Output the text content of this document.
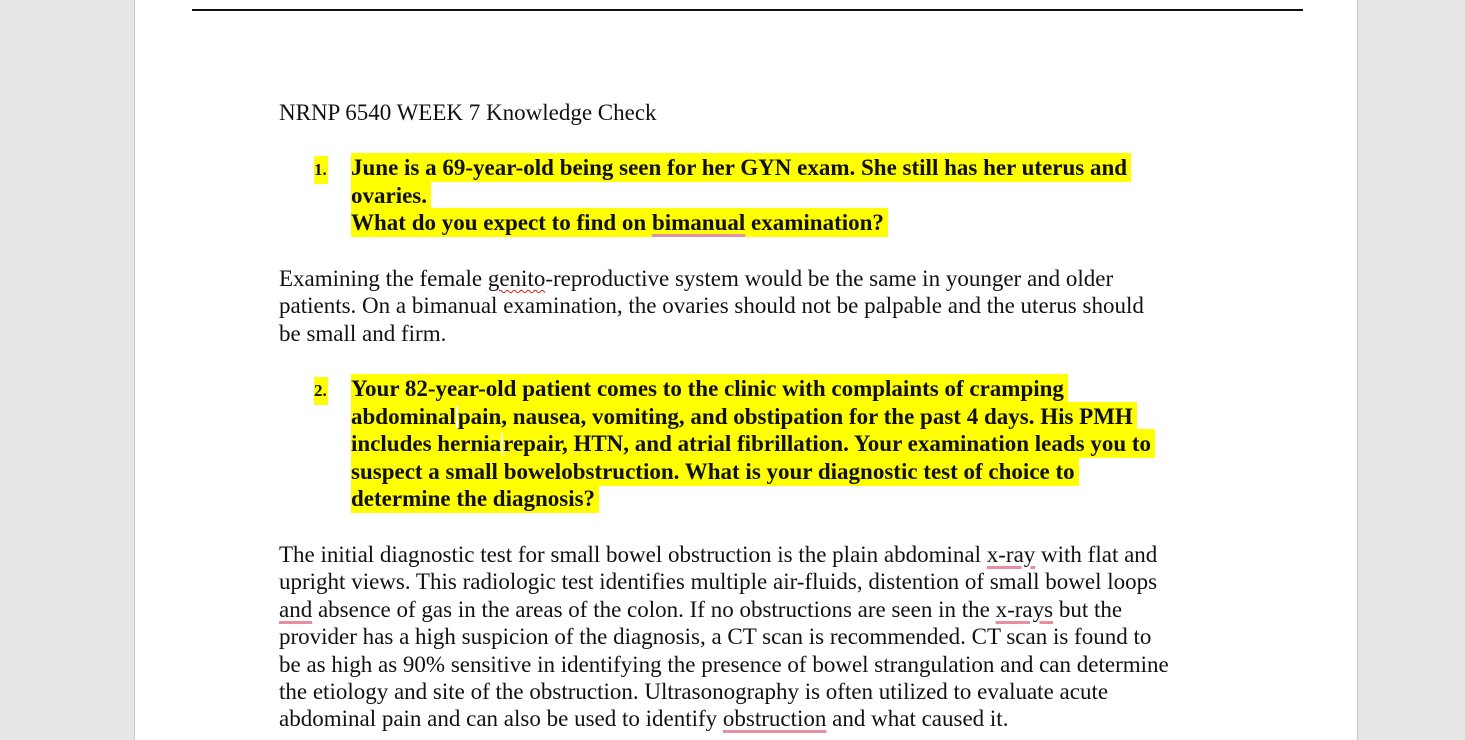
NRNP 6540 WEEK 7 Knowledge Check
1. June is a 69-year-old being seen for her GYN exam. She still has her uterus and
ovaries.
What do you expect to find on bimanual examination?
Examining the female genito-reproductive system would be the same in younger and older
patients. On a bimanual examination, the ovaries should not be palpable and the uterus should
be small and firm.
2. Your 82-year-old patient comes to the clinic with complaints of cramping
abdominalpain, nausea, vomiting, and obstipation for the past 4 days. His PMH
includes herniarepair, HTN, and atrial fibrillation. Your examination leads you to
suspect a small bowelobstruction. What is your diagnostic test of choice to
determine the diagnosis?
The initial diagnostic test for small bowel obstruction is the plain abdominal x-ray with flat and
upright views. This radiologic test identifies multiple air-fluids, distention of small bowel loops
and absence of gas in the areas of the colon. If no obstructions are seen in the x-rays but the
provider has a high suspicion of the diagnosis, a CT scan is recommended. CT scan is found to
be as high as 90% sensitive in identifying the presence of bowel strangulation and can determine
the etiology and site of the obstruction. Ultrasonography is often utilized to evaluate acute
abdominal pain and can also be used to identify obstruction and what caused it.
